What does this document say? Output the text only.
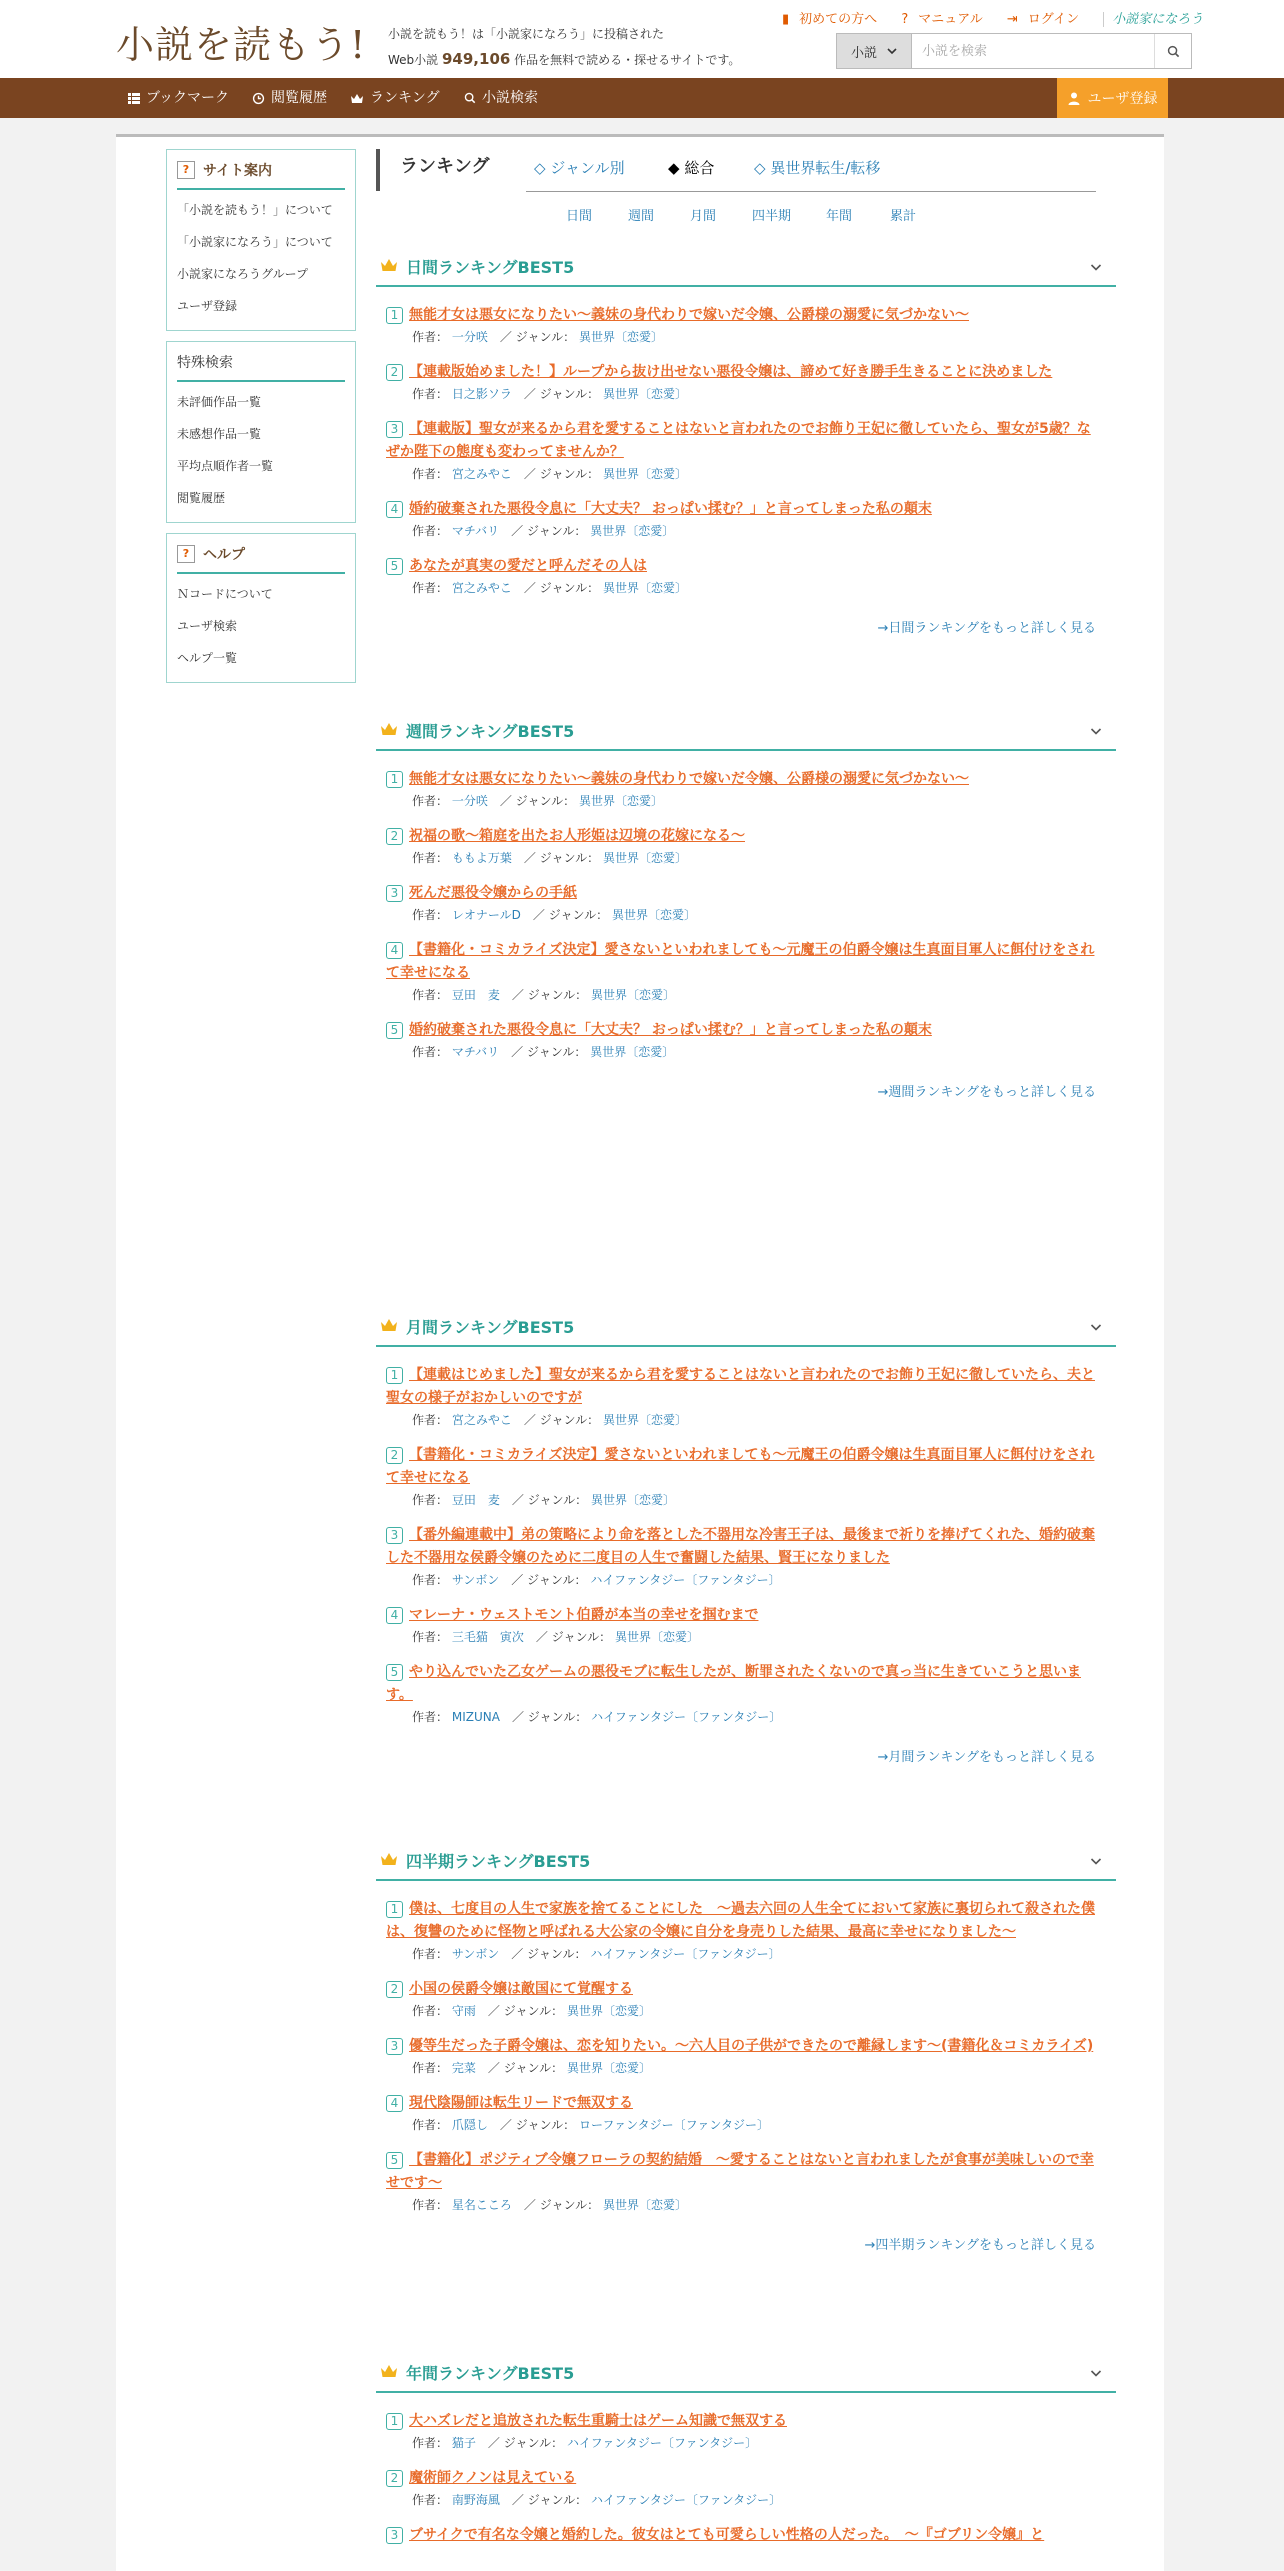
小説を読もう! 小説を読もう！は「小説家になろう」に投稿された
Web小説 949,106 作品を無料で読める・探せるサイトです。
▮ 初めての方へ ? マニュアル ⇥ ログイン	小説家になろう
小説
小説を検索
ブックマーク	閲覧履歴	ランキング	小説検索	ユーザ登録
? サイト案内
「小説を読もう！」について
「小説家になろう」について
小説家になろうグループ
ユーザ登録
特殊検索
未評価作品一覧
未感想作品一覧
平均点順作者一覧
閲覧履歴
? ヘルプ
Ｎコードについて
ユーザ検索
ヘルプ一覧
ランキング	◇ ジャンル別	◆ 総合	◇ 異世界転生/転移
日間	週間	月間	四半期	年間	累計
日間ランキングBEST5
1 無能才女は悪女になりたい～義妹の身代わりで嫁いだ令嬢、公爵様の溺愛に気づかない～
作者： 一分咲　／ ジャンル： 異世界〔恋愛〕
2 【連載版始めました！】ループから抜け出せない悪役令嬢は、諦めて好き勝手生きることに決めました
作者： 日之影ソラ　／ ジャンル： 異世界〔恋愛〕
3 【連載版】聖女が来るから君を愛することはないと言われたのでお飾り王妃に徹していたら、聖女が5歳？なぜか陛下の態度も変わってませんか？
作者： 宮之みやこ　／ ジャンル： 異世界〔恋愛〕
4 婚約破棄された悪役令息に「大丈夫？ おっぱい揉む？」と言ってしまった私の顛末
作者： マチバリ　／ ジャンル： 異世界〔恋愛〕
5 あなたが真実の愛だと呼んだその人は
作者： 宮之みやこ　／ ジャンル： 異世界〔恋愛〕
→日間ランキングをもっと詳しく見る
週間ランキングBEST5
1 無能才女は悪女になりたい～義妹の身代わりで嫁いだ令嬢、公爵様の溺愛に気づかない～
作者： 一分咲　／ ジャンル： 異世界〔恋愛〕
2 祝福の歌～箱庭を出たお人形姫は辺境の花嫁になる～
作者： ももよ万葉　／ ジャンル： 異世界〔恋愛〕
3 死んだ悪役令嬢からの手紙
作者： レオナールD　／ ジャンル： 異世界〔恋愛〕
4 【書籍化・コミカライズ決定】愛さないといわれましても～元魔王の伯爵令嬢は生真面目軍人に餌付けをされて幸せになる
作者： 豆田　麦　／ ジャンル： 異世界〔恋愛〕
5 婚約破棄された悪役令息に「大丈夫？ おっぱい揉む？」と言ってしまった私の顛末
作者： マチバリ　／ ジャンル： 異世界〔恋愛〕
→週間ランキングをもっと詳しく見る
月間ランキングBEST5
1 【連載はじめました】聖女が来るから君を愛することはないと言われたのでお飾り王妃に徹していたら、夫と聖女の様子がおかしいのですが
作者： 宮之みやこ　／ ジャンル： 異世界〔恋愛〕
2 【書籍化・コミカライズ決定】愛さないといわれましても～元魔王の伯爵令嬢は生真面目軍人に餌付けをされて幸せになる
作者： 豆田　麦　／ ジャンル： 異世界〔恋愛〕
3 【番外編連載中】弟の策略により命を落とした不器用な冷害王子は、最後まで祈りを捧げてくれた、婚約破棄した不器用な侯爵令嬢のために二度目の人生で奮闘した結果、賢王になりました
作者： サンボン　／ ジャンル： ハイファンタジー〔ファンタジー〕
4 マレーナ・ウェストモント伯爵が本当の幸せを掴むまで
作者： 三毛猫　寅次　／ ジャンル： 異世界〔恋愛〕
5 やり込んでいた乙女ゲームの悪役モブに転生したが、断罪されたくないので真っ当に生きていこうと思います。
作者： MIZUNA　／ ジャンル： ハイファンタジー〔ファンタジー〕
→月間ランキングをもっと詳しく見る
四半期ランキングBEST5
1 僕は、七度目の人生で家族を捨てることにした　～過去六回の人生全てにおいて家族に裏切られて殺された僕は、復讐のために怪物と呼ばれる大公家の令嬢に自分を身売りした結果、最高に幸せになりました～
作者： サンボン　／ ジャンル： ハイファンタジー〔ファンタジー〕
2 小国の侯爵令嬢は敵国にて覚醒する
作者： 守雨　／ ジャンル： 異世界〔恋愛〕
3 優等生だった子爵令嬢は、恋を知りたい。～六人目の子供ができたので離縁します～(書籍化＆コミカライズ)
作者： 完菜　／ ジャンル： 異世界〔恋愛〕
4 現代陰陽師は転生リードで無双する
作者： 爪隠し　／ ジャンル： ローファンタジー〔ファンタジー〕
5 【書籍化】ポジティブ令嬢フローラの契約結婚　～愛することはないと言われましたが食事が美味しいので幸せです～
作者： 星名こころ　／ ジャンル： 異世界〔恋愛〕
→四半期ランキングをもっと詳しく見る
年間ランキングBEST5
1 大ハズレだと追放された転生重騎士はゲーム知識で無双する
作者： 猫子　／ ジャンル： ハイファンタジー〔ファンタジー〕
2 魔術師クノンは見えている
作者： 南野海風　／ ジャンル： ハイファンタジー〔ファンタジー〕
3 ブサイクで有名な令嬢と婚約した。彼女はとても可愛らしい性格の人だった。　～『ゴブリン令嬢』と
